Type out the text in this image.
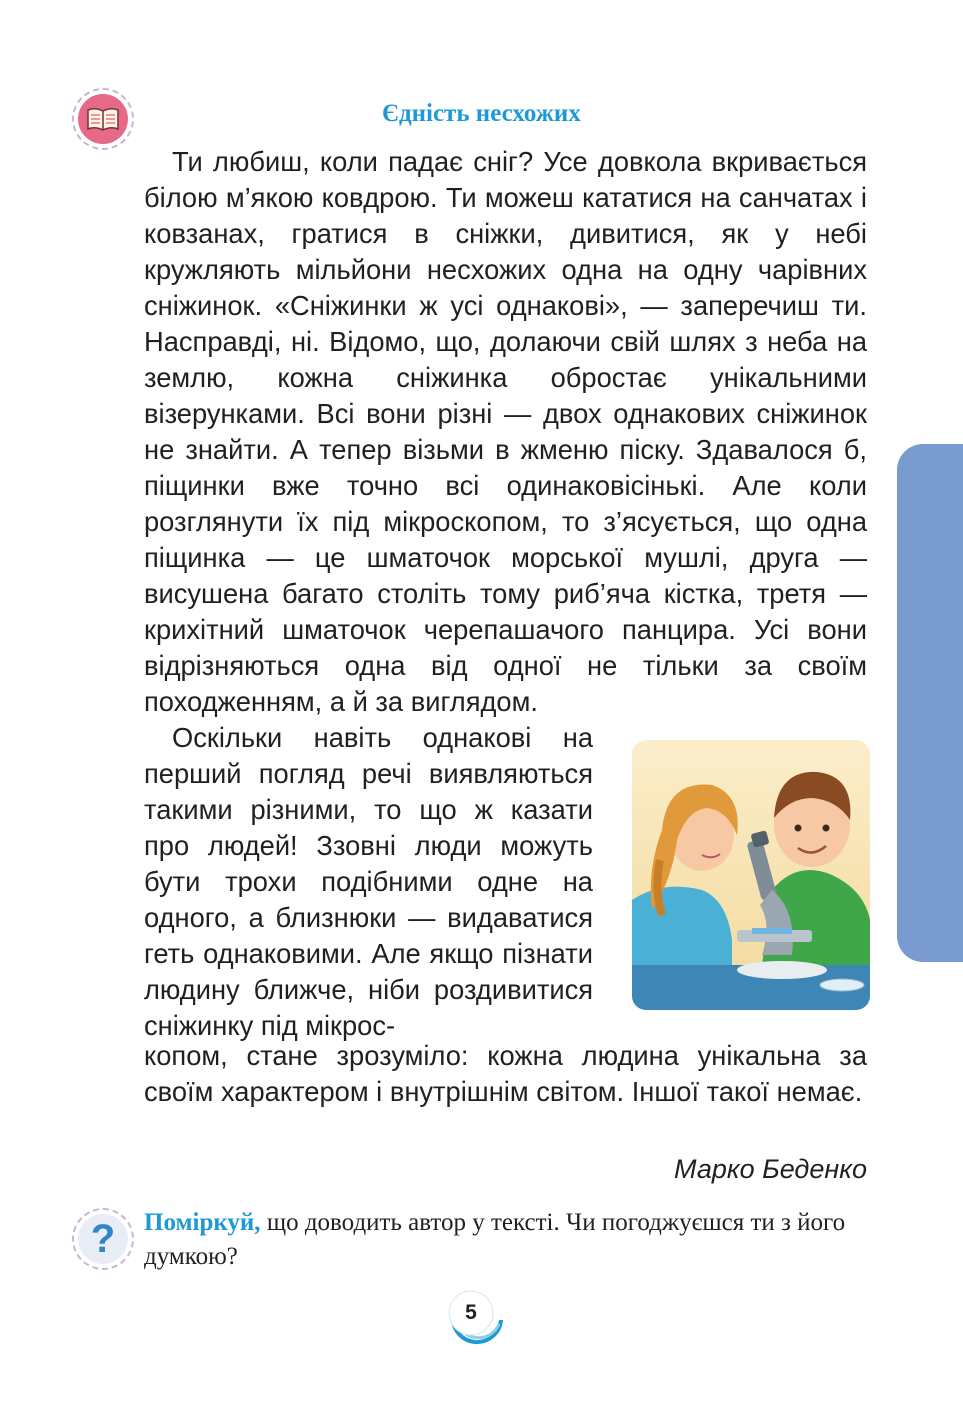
Єдність несхожих
Ти любиш, коли падає сніг? Усе довкола вкривається білою м’якою ковдрою. Ти можеш кататися на санчатах і ковзанах, гратися в сніжки, дивитися, як у небі кружляють мільйони несхожих одна на одну чарівних сніжинок. «Сніжинки ж усі однакові», — заперечиш ти. Насправді, ні. Відомо, що, долаючи свій шлях з неба на землю, кожна сніжинка обростає унікальними візерунками. Всі вони різні — двох однакових сніжинок не знайти. А тепер візьми в жменю піску. Здавалося б, піщинки вже точно всі одинаковісінькі. Але коли розглянути їх під мікроскопом, то з’ясується, що одна піщинка — це шматочок морської мушлі, друга — висушена багато століть тому риб’яча кістка, третя — крихітний шматочок черепашачого панцира. Усі вони відрізняються одна від одної не тільки за своїм походженням, а й за виглядом.
Оскільки навіть однакові на перший погляд речі виявляються такими різними, то що ж казати про людей! Ззовні люди можуть бути трохи подібними одне на одного, а близнюки — видаватися геть однаковими. Але якщо пізнати людину ближче, ніби роздивитися сніжинку під мікрос-
копом, стане зрозуміло: кожна людина унікальна за своїм характером і внутрішнім світом. Іншої такої немає.
Марко Беденко
? Поміркуй, що доводить автор у тексті. Чи погоджуєшся ти з його думкою?
5
